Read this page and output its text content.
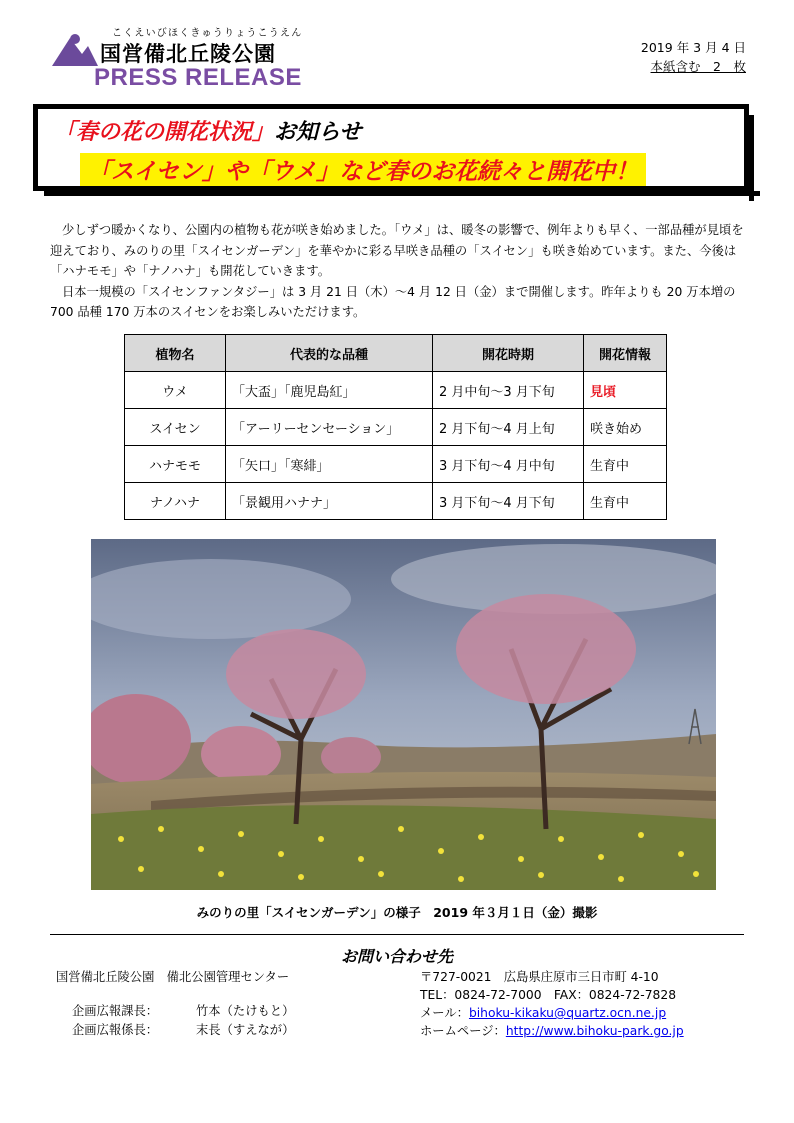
こくえいびほくきゅうりょうこうえん
国営備北丘陵公園
PRESS RELEASE
2019 年 3 月 4 日
本紙含む　2　枚
「春の花の開花状況」お知らせ
「スイセン」や「ウメ」など春のお花続々と開花中！

少しずつ暖かくなり、公園内の植物も花が咲き始めました。「ウメ」は、暖冬の影響で、例年よりも早く、一部品種が見頃を迎えており、みのりの里「スイセンガーデン」を華やかに彩る早咲き品種の「スイセン」も咲き始めています。また、今後は「ハナモモ」や「ナノハナ」も開花していきます。

日本一規模の「スイセンファンタジー」は 3 月 21 日（木）～4 月 12 日（金）まで開催します。昨年よりも 20 万本増の 700 品種 170 万本のスイセンをお楽しみいただけます。

植物名	代表的な品種	開花時期	開花情報
ウメ	「大盃」「鹿児島紅」	2 月中旬～3 月下旬	見頃
スイセン	「アーリーセンセーション」	2 月下旬～4 月上旬	咲き始め
ハナモモ	「矢口」「寒緋」	3 月下旬～4 月中旬	生育中
ナノハナ	「景観用ハナナ」	3 月下旬～4 月下旬	生育中
みのりの里「スイセンガーデン」の様子　2019 年３月１日（金）撮影
お問い合わせ先
国営備北丘陵公園　備北公園管理センター
企画広報課長：	竹本（たけもと）
企画広報係長：	末長（すえなが）
〒727-0021　広島県庄原市三日市町 4-10
TEL：0824-72-7000　FAX：0824-72-7828
メール：bihoku-kikaku@quartz.ocn.ne.jp
ホームページ：http://www.bihoku-park.go.jp
